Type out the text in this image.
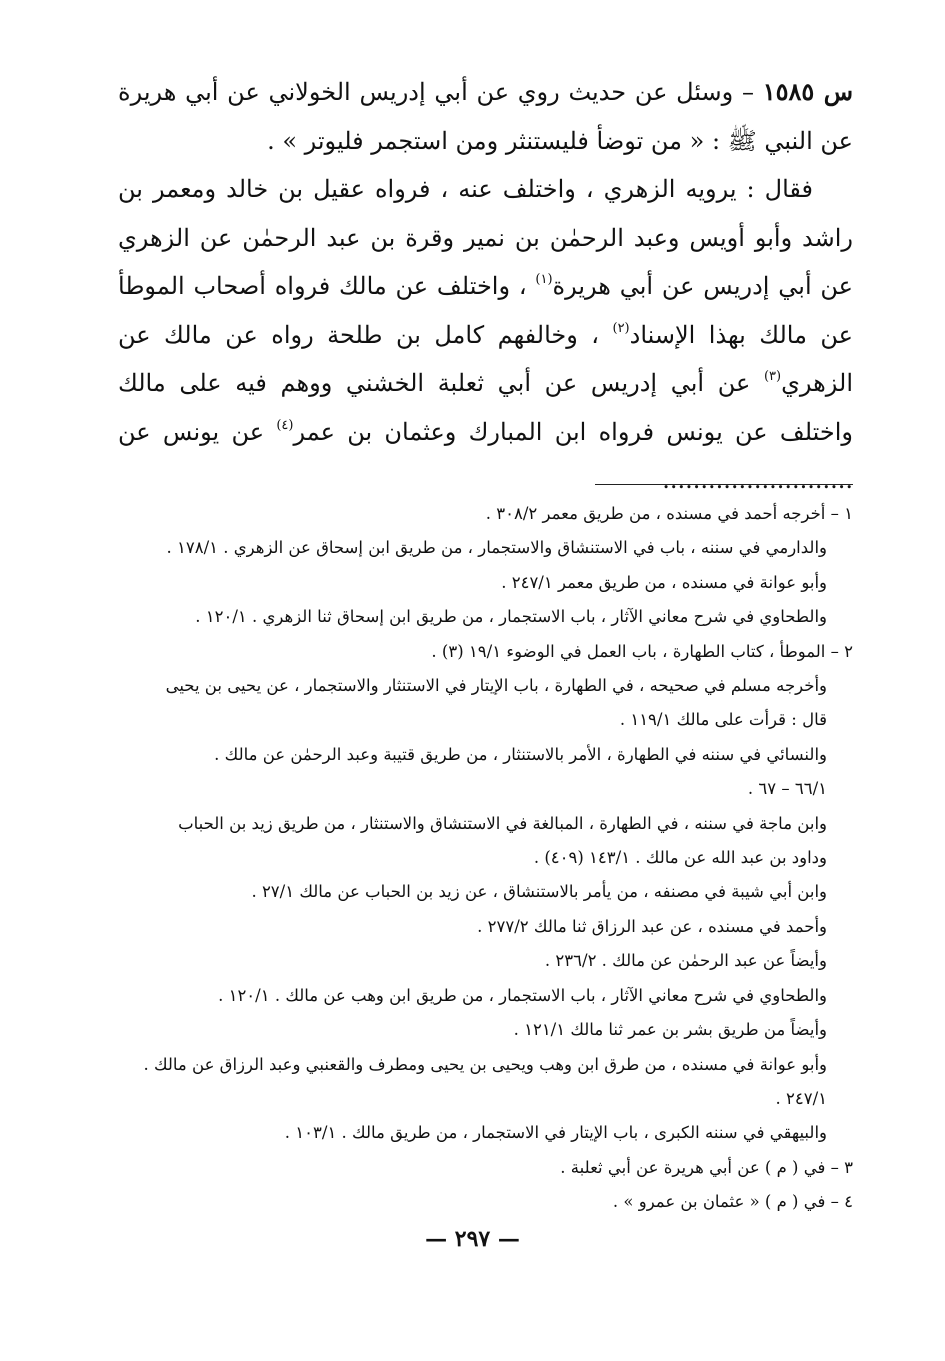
س ١٥٨٥ – وسئل عن حديث روي عن أبي إدريس الخولاني عن أبي هريرة عن النبي ﷺ : « من توضأ فليستنثر ومن استجمر فليوتر » .

فقال : يرويه الزهري ، واختلف عنه ، فرواه عقيل بن خالد ومعمر بن راشد وأبو أويس وعبد الرحمٰن بن نمير وقرة بن عبد الرحمٰن عن الزهري عن أبي إدريس عن أبي هريرة$^{(١)}$ ، واختلف عن مالك فرواه أصحاب الموطأ عن مالك بهذا الإسناد$^{(٢)}$ ، وخالفهم كامل بن طلحة رواه عن مالك عن الزهري$^{(٣)}$ عن أبي إدريس عن أبي ثعلبة الخشني ووهم فيه على مالك واختلف عن يونس فرواه ابن المبارك وعثمان بن عمر$^{(٤)}$ عن يونس عن .........................

١ – أخرجه أحمد في مسنده ، من طريق معمر ٣٠٨/٢ .
والدارمي في سننه ، باب في الاستنشاق والاستجمار ، من طريق ابن إسحاق عن الزهري . ١٧٨/١ .
وأبو عوانة في مسنده ، من طريق معمر ٢٤٧/١ .
والطحاوي في شرح معاني الآثار ، باب الاستجمار ، من طريق ابن إسحاق ثنا الزهري . ١٢٠/١ .
٢ – الموطأ ، كتاب الطهارة ، باب العمل في الوضوء ١٩/١ (٣) .
وأخرجه مسلم في صحيحه ، في الطهارة ، باب الإيتار في الاستنثار والاستجمار ، عن يحيى بن يحيى
قال : قرأت على مالك ١١٩/١ .
والنسائي في سننه في الطهارة ، الأمر بالاستنثار ، من طريق قتيبة وعبد الرحمٰن عن مالك .
٦٦/١ – ٦٧ .
وابن ماجة في سننه ، في الطهارة ، المبالغة في الاستنشاق والاستنثار ، من طريق زيد بن الحباب
وداود بن عبد الله عن مالك . ١٤٣/١ (٤٠٩) .
وابن أبي شيبة في مصنفه ، من يأمر بالاستنشاق ، عن زيد بن الحباب عن مالك ٢٧/١ .
وأحمد في مسنده ، عن عبد الرزاق ثنا مالك ٢٧٧/٢ .
وأيضاً عن عبد الرحمٰن عن مالك . ٢٣٦/٢ .
والطحاوي في شرح معاني الآثار ، باب الاستجمار ، من طريق ابن وهب عن مالك . ١٢٠/١ .
وأيضاً من طريق بشر بن عمر ثنا مالك ١٢١/١ .
وأبو عوانة في مسنده ، من طرق ابن وهب ويحيى بن يحيى ومطرف والقعنبي وعبد الرزاق عن مالك .
٢٤٧/١ .
والبيهقي في سننه الكبرى ، باب الإيتار في الاستجمار ، من طريق مالك . ١٠٣/١ .
٣ – في ( م ) عن أبي هريرة عن أبي ثعلبة .
٤ – في ( م ) « عثمان بن عمرو » .
— ٢٩٧ —
